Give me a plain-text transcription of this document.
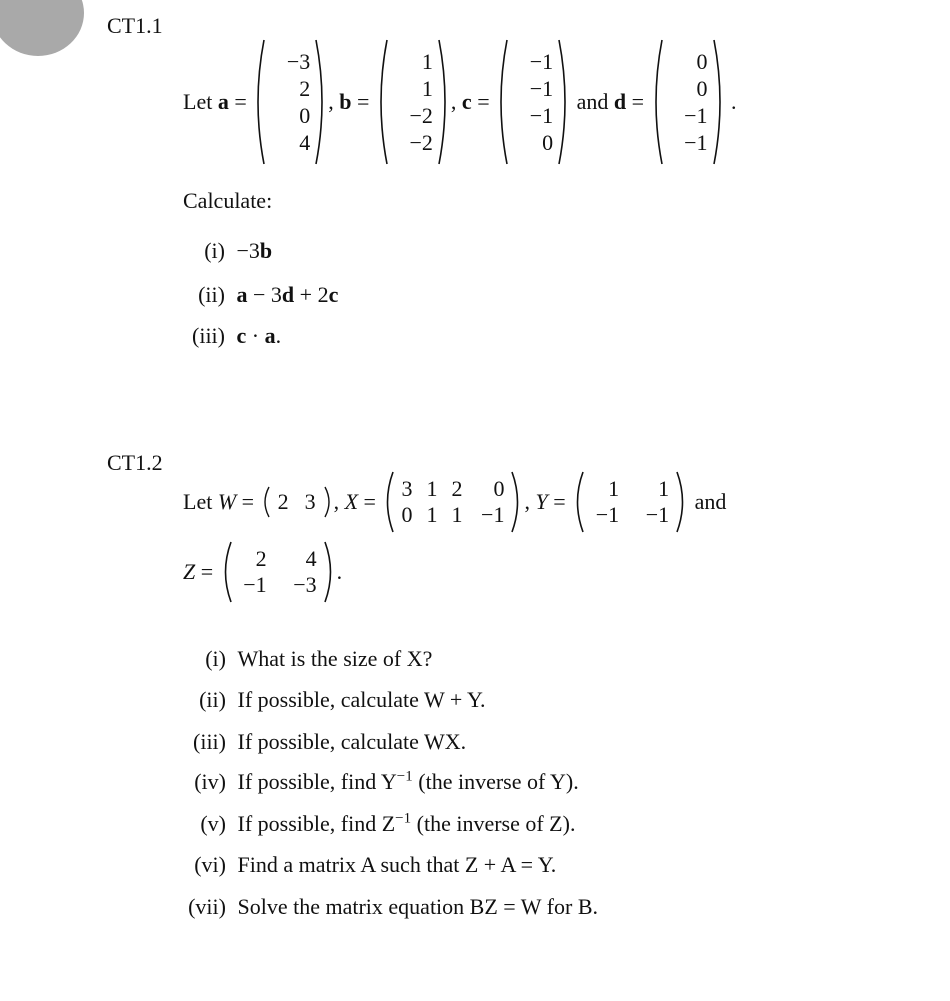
CT1.1
Let
a
=

−3
2
0
4
,
b
=

1
1
−2
−2
,
c
=

−1
−1
−1
0

and
d
=

0
0
−1
−1

.
Calculate:
(i) −3b
(ii) a − 3d + 2c
(iii) c · a.
CT1.2
Let
W
=
2 3 ,
X
=

3 1 2	0
0 1 1 −1
,
Y
=

1	1
−1 −1

and
Z
=

2	4
−1 −3
.
(i) What is the size of X?
(ii) If possible, calculate W + Y.
(iii) If possible, calculate WX.
(iv) If possible, find $Y^{-1}$ (the inverse of Y).
(v) If possible, find $Z^{-1}$ (the inverse of Z).
(vi) Find a matrix A such that Z + A = Y.
(vii) Solve the matrix equation BZ = W for B.
